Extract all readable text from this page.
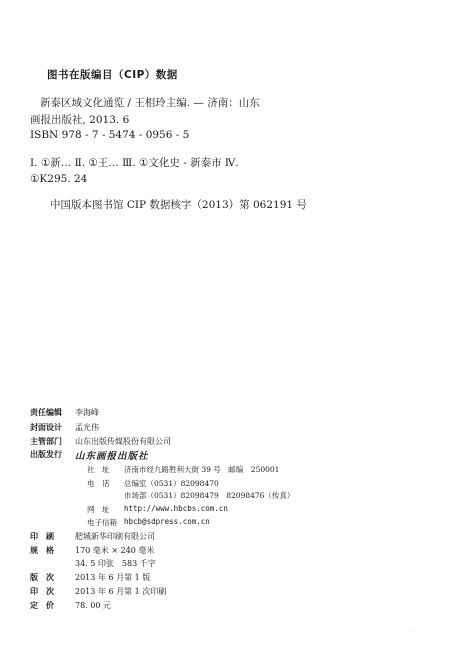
图书在版编目（CIP）数据
新泰区域文化通览 / 王相玲主编. — 济南：山东
画报出版社, 2013. 6
ISBN 978 - 7 - 5474 - 0956 - 5
Ⅰ. ①新… Ⅱ. ①王… Ⅲ. ①文化史 - 新泰市 Ⅳ.
①K295. 24
中国版本图书馆 CIP 数据核字（2013）第 062191 号
责任编辑 李海峰
封面设计 孟光伟
主管部门 山东出版传媒股份有限公司
出版发行 山东画报出版社
社　址 济南市经九路胜利大街 39 号　邮编　250001
电　话 总编室（0531）82098470
市场部（0531）82098479　82098476（传真）
网　址 http://www.hbcbs.com.cn
电子信箱 hbcb@sdpress.com.cn
印　刷	肥城新华印刷有限公司
规　格	170 毫米 × 240 毫米
34. 5 印张　583 千字
版　次	2013 年 6 月第 1 版
印　次	2013 年 6 月第 1 次印刷
定　价	78. 00 元
·
